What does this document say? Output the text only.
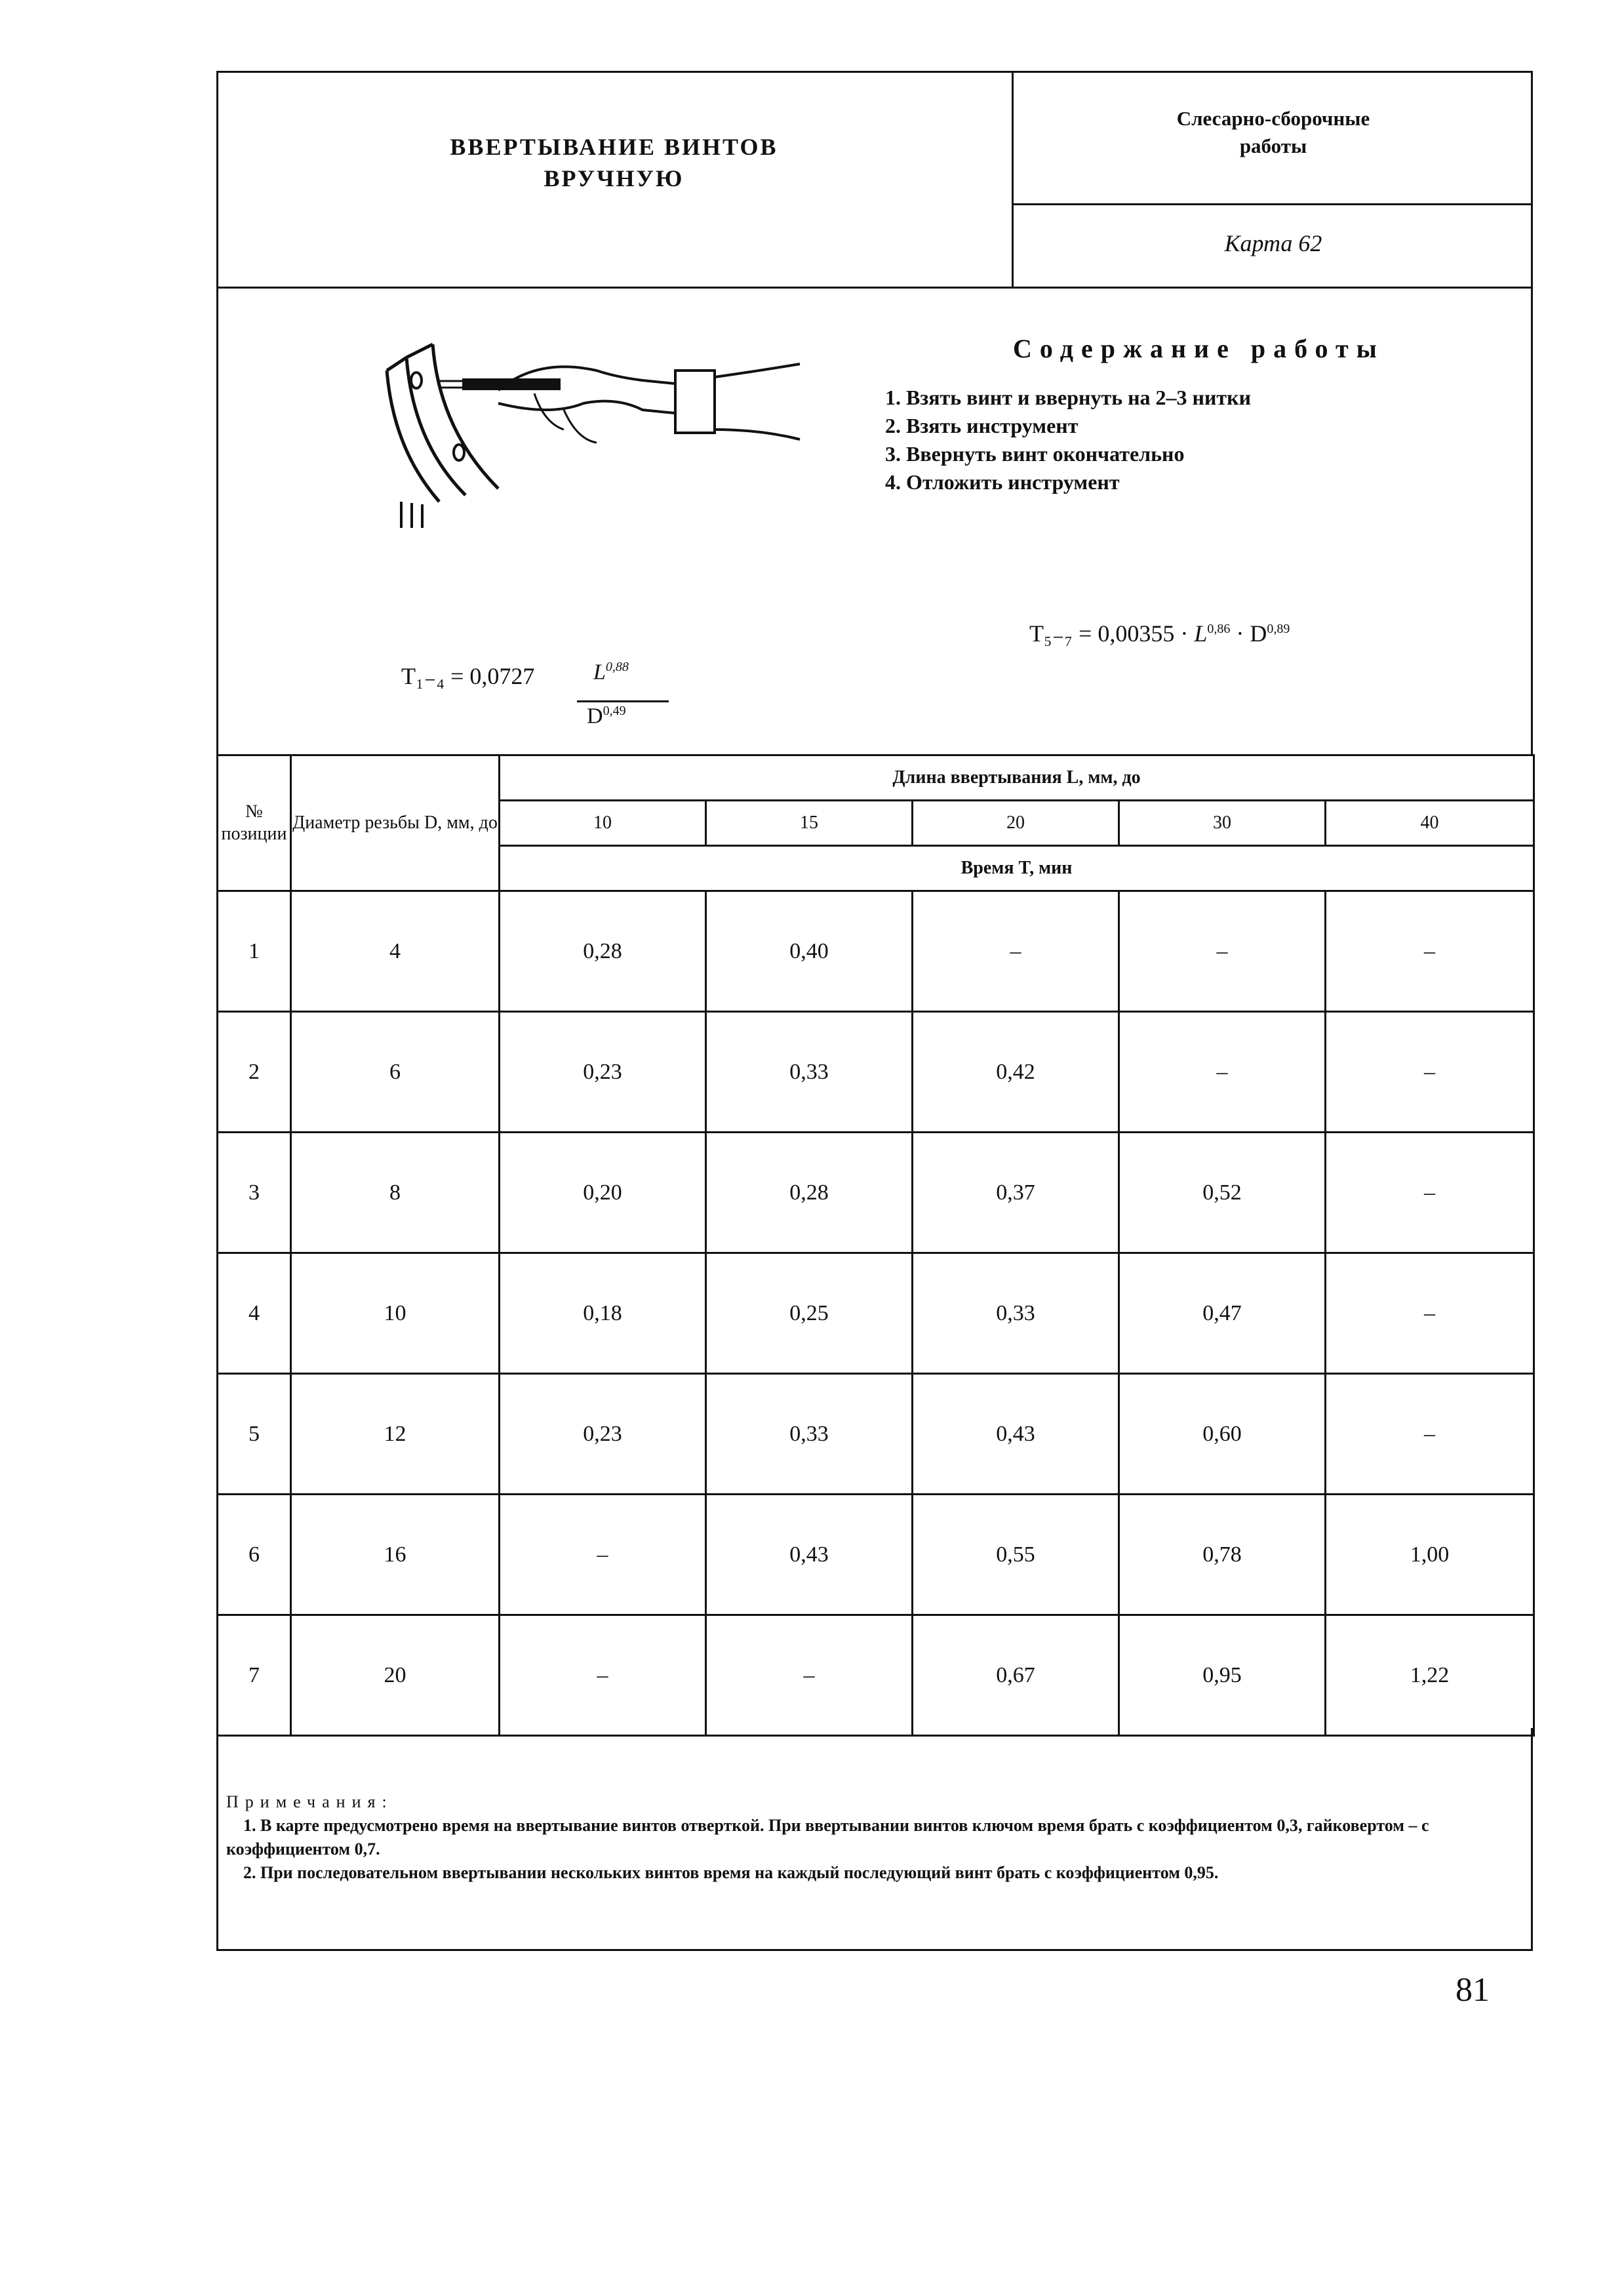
ВВЕРТЫВАНИЕ ВИНТОВ
ВРУЧНУЮ
Слесарно-сборочные
работы
Карта 62
Содержание работы
1. Взять винт и ввернуть на 2–3 нитки
2. Взять инструмент
3. Ввернуть винт окончательно
4. Отложить инструмент
T₅₋₇ = 0,00355 · L$^{0,86}$ · D$^{0,89}$
T₁₋₄ = 0,0727	L$^{0,88}$
D$^{0,49}$
№ позиции	Диаметр резьбы D, мм, до	Длина ввертывания L, мм, до				
		10	15	20	30	40
		Время T, мин				
1	4	0,28	0,40	–	–	–
2	6	0,23	0,33	0,42	–	–
3	8	0,20	0,28	0,37	0,52	–
4	10	0,18	0,25	0,33	0,47	–
5	12	0,23	0,33	0,43	0,60	–
6	16	–	0,43	0,55	0,78	1,00
7	20	–	–	0,67	0,95	1,22
Примечания:
1. В карте предусмотрено время на ввертывание винтов отверткой. При ввертывании винтов ключом время брать с коэффициентом 0,3, гайковертом – с коэффициентом 0,7.
2. При последовательном ввертывании нескольких винтов время на каждый последующий винт брать с коэффициентом 0,95.
81
